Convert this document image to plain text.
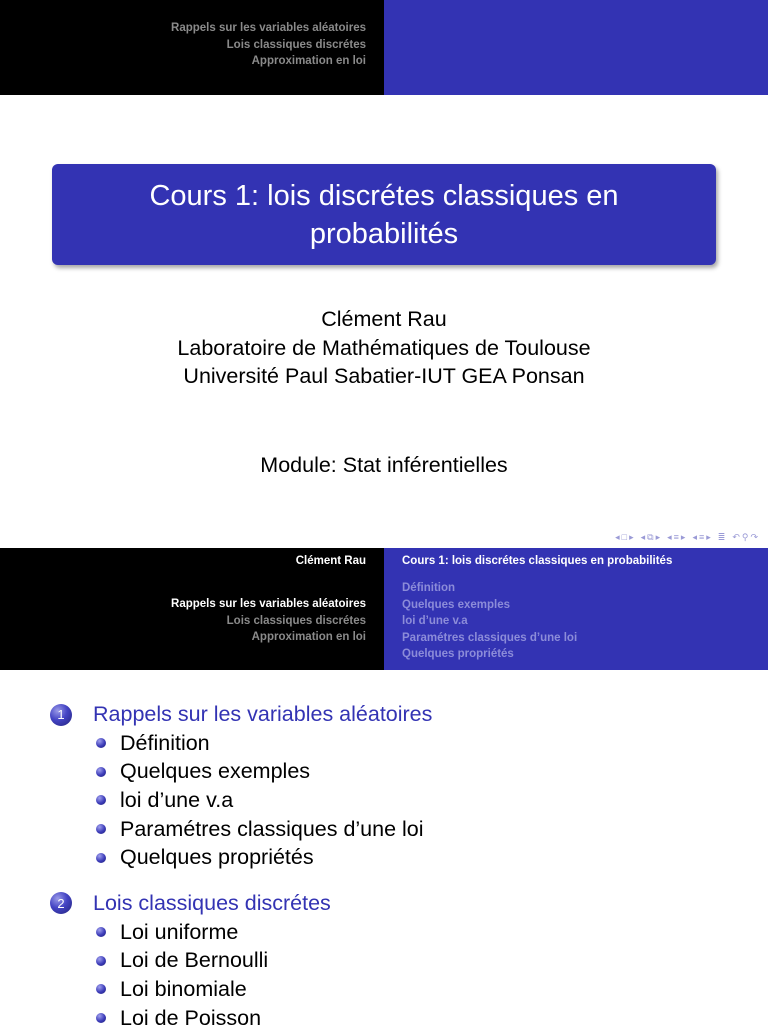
Rappels sur les variables aléatoires
Lois classiques discrétes
Approximation en loi
Cours 1: lois discrétes classiques en probabilités
Clément Rau
Laboratoire de Mathématiques de Toulouse
Université Paul Sabatier-IUT GEA Ponsan
Module: Stat inférentielles
◂ □ ▸ ◂ ⧉ ▸ ◂ ≡ ▸ ◂ ≡ ▸ ≣ ↶ ⚲ ↷
Clément Rau
Rappels sur les variables aléatoires
Lois classiques discrétes
Approximation en loi
Cours 1: lois discrétes classiques en probabilités
Définition
Quelques exemples
loi d’une v.a
Paramétres classiques d’une loi
Quelques propriétés
1	Rappels sur les variables aléatoires
Définition
Quelques exemples
loi d’une v.a
Paramétres classiques d’une loi
Quelques propriétés
2	Lois classiques discrétes
Loi uniforme
Loi de Bernoulli
Loi binomiale
Loi de Poisson
